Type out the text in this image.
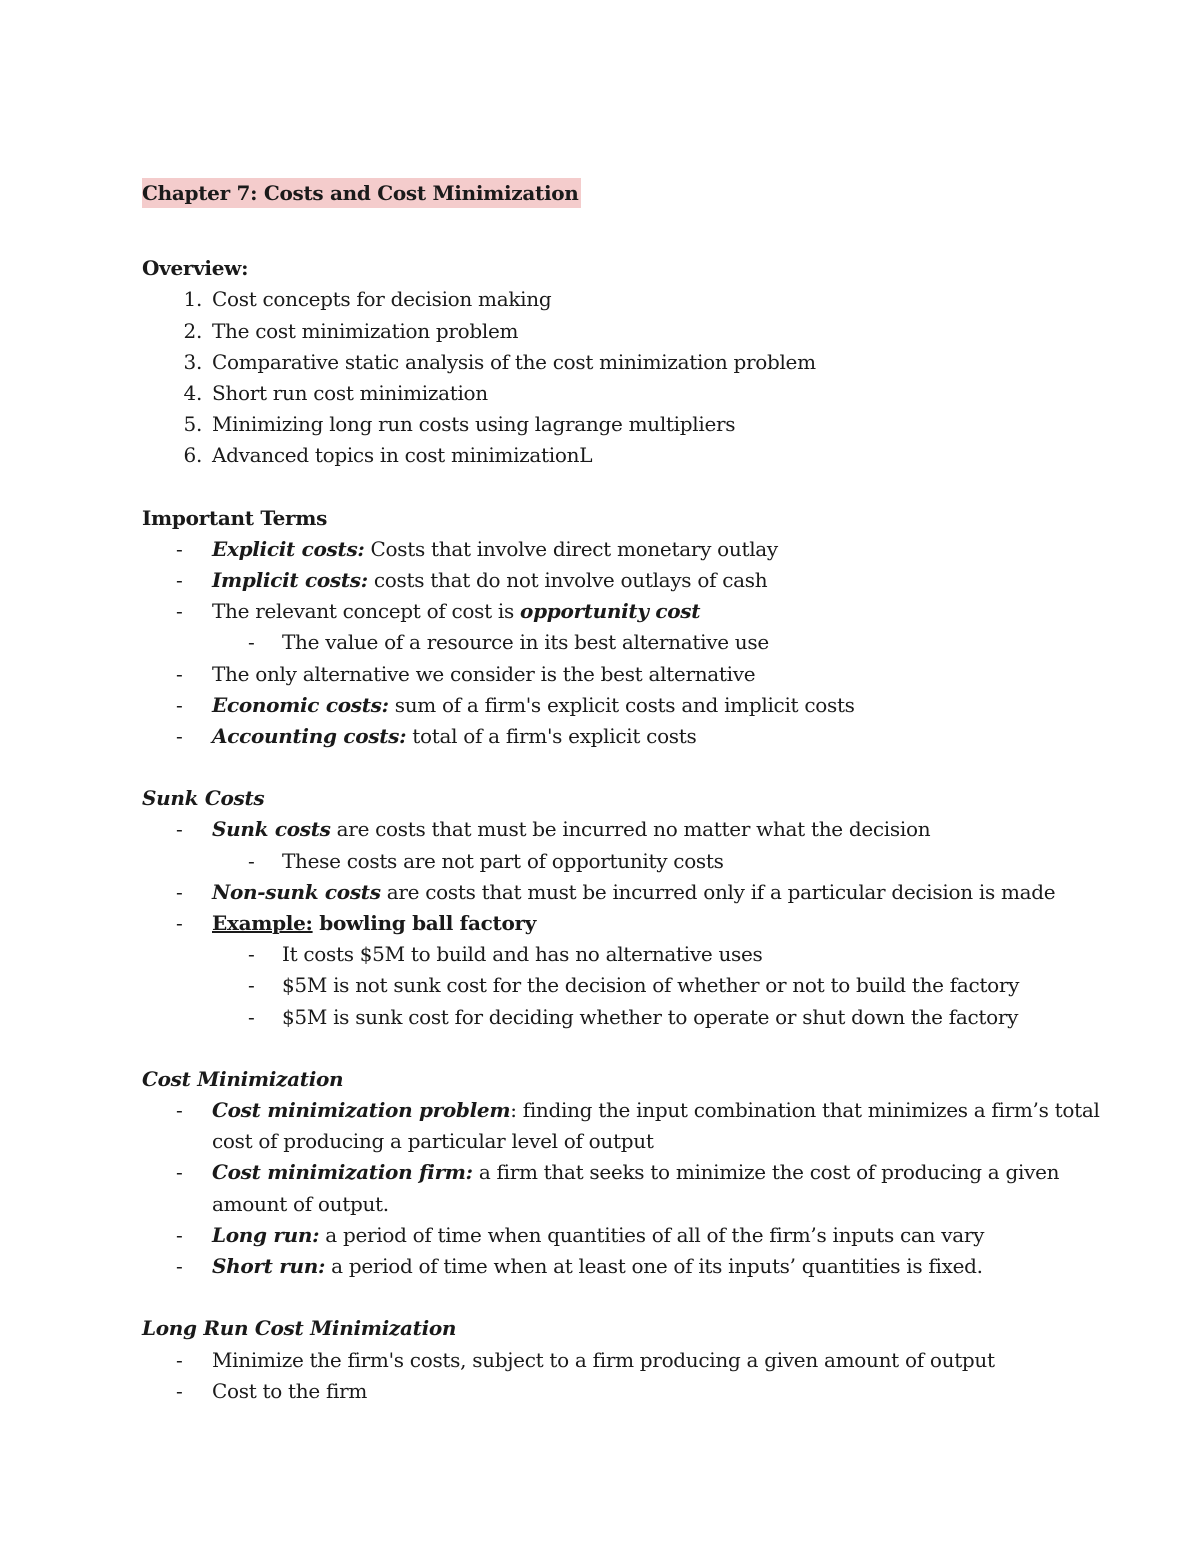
Chapter 7: Costs and Cost Minimization
Overview:
1. Cost concepts for decision making
2. The cost minimization problem
3. Comparative static analysis of the cost minimization problem
4. Short run cost minimization
5. Minimizing long run costs using lagrange multipliers
6. Advanced topics in cost minimizationL
Important Terms
- Explicit costs: Costs that involve direct monetary outlay
- Implicit costs: costs that do not involve outlays of cash
- The relevant concept of cost is opportunity cost
- The value of a resource in its best alternative use
- The only alternative we consider is the best alternative
- Economic costs: sum of a firm's explicit costs and implicit costs
- Accounting costs: total of a firm's explicit costs
Sunk Costs
- Sunk costs are costs that must be incurred no matter what the decision
- These costs are not part of opportunity costs
- Non-sunk costs are costs that must be incurred only if a particular decision is made
- Example: bowling ball factory
- It costs $5M to build and has no alternative uses
- $5M is not sunk cost for the decision of whether or not to build the factory
- $5M is sunk cost for deciding whether to operate or shut down the factory
Cost Minimization
- Cost minimization problem: finding the input combination that minimizes a firm’s total cost of producing a particular level of output
- Cost minimization firm: a firm that seeks to minimize the cost of producing a given amount of output.
- Long run: a period of time when quantities of all of the firm’s inputs can vary
- Short run: a period of time when at least one of its inputs’ quantities is fixed.
Long Run Cost Minimization
- Minimize the firm's costs, subject to a firm producing a given amount of output
- Cost to the firm
